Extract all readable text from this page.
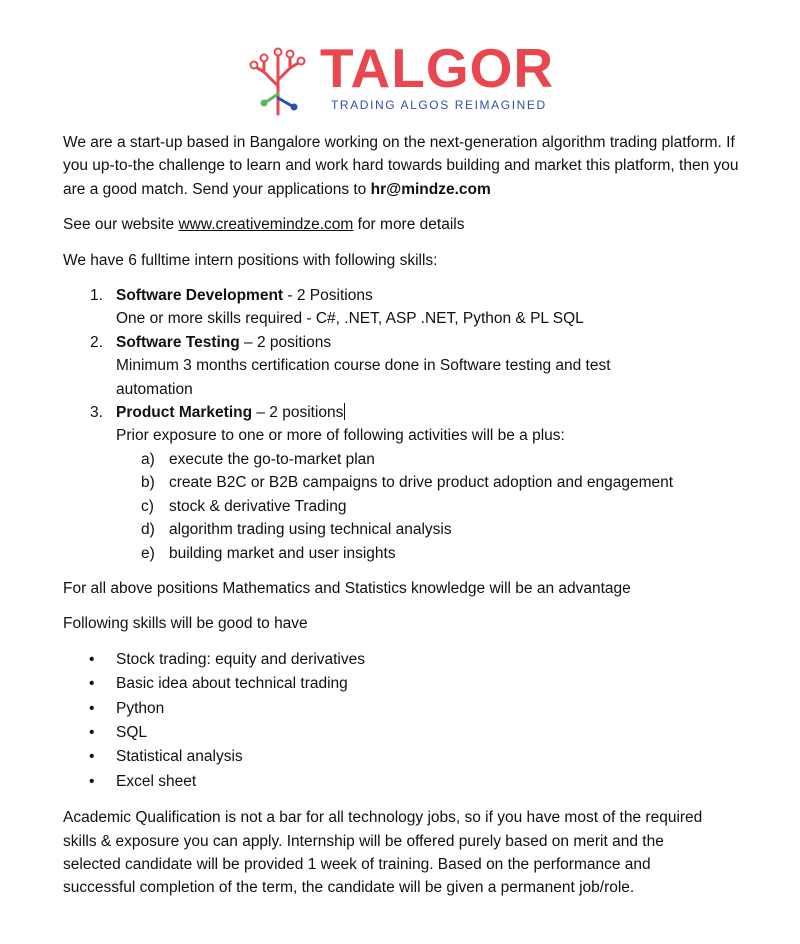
TALGOR
TRADING ALGOS REIMAGINED

We are a start-up based in Bangalore working on the next-generation algorithm trading platform. If you up-to-the challenge to learn and work hard towards building and market this platform, then you are a good match. Send your applications to hr@mindze.com

See our website www.creativemindze.com for more details

We have 6 fulltime intern positions with following skills:

1. Software Development - 2 Positions
One or more skills required - C#, .NET, ASP .NET, Python & PL SQL
2. Software Testing – 2 positions
Minimum 3 months certification course done in Software testing and test automation
3. Product Marketing – 2 positions
Prior exposure to one or more of following activities will be a plus:
a) execute the go-to-market plan
b) create B2C or B2B campaigns to drive product adoption and engagement
c) stock & derivative Trading
d) algorithm trading using technical analysis
e) building market and user insights

For all above positions Mathematics and Statistics knowledge will be an advantage

Following skills will be good to have

• Stock trading: equity and derivatives
• Basic idea about technical trading
• Python
• SQL
• Statistical analysis
• Excel sheet

Academic Qualification is not a bar for all technology jobs, so if you have most of the required skills & exposure you can apply. Internship will be offered purely based on merit and the selected candidate will be provided 1 week of training. Based on the performance and successful completion of the term, the candidate will be given a permanent job/role.
